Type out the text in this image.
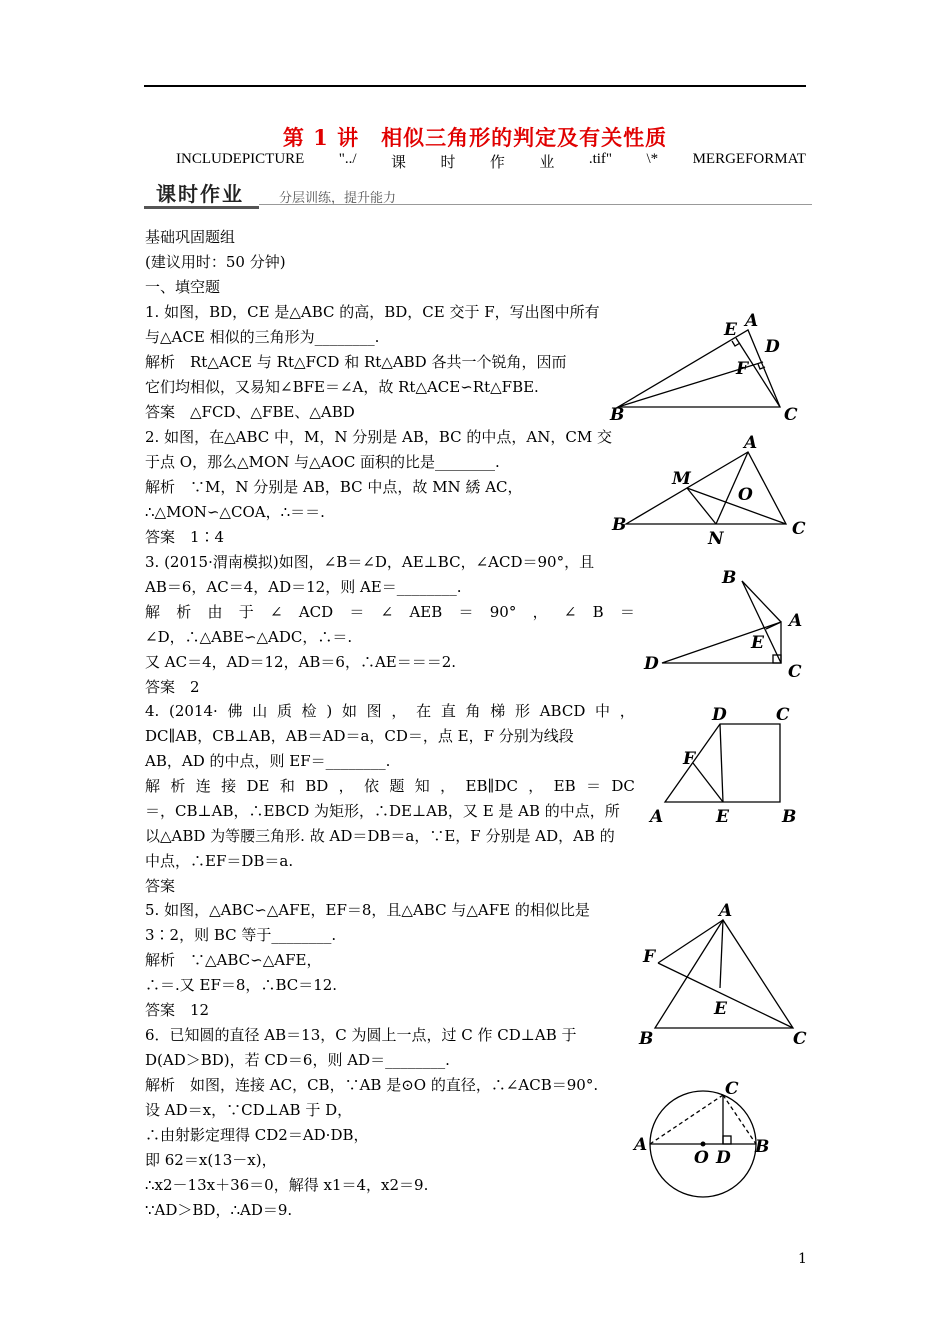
第 1 讲　相似三角形的判定及有关性质
INCLUDEPICTURE "../ 课 时 作 业 .tif" \* MERGEFORMAT
课时作业	分层训练，提升能力
基础巩固题组
(建议用时：50 分钟)
一、填空题
1. 如图，BD，CE 是△ABC 的高，BD，CE 交于 F，写出图中所有
与△ACE 相似的三角形为________.
解析　Rt△ACE 与 Rt△FCD 和 Rt△ABD 各共一个锐角，因而
它们均相似，又易知∠BFE＝∠A，故 Rt△ACE∽Rt△FBE.
答案　△FCD、△FBE、△ABD
2. 如图，在△ABC 中，M，N 分别是 AB，BC 的中点，AN，CM 交
于点 O，那么△MON 与△AOC 面积的比是________.
解析　∵M，N 分别是 AB，BC 中点，故 MN 綉 AC，
∴△MON∽△COA，∴＝＝.
答案　1∶4
3. (2015·渭南模拟)如图，∠B＝∠D，AE⊥BC，∠ACD＝90°，且
AB＝6，AC＝4，AD＝12，则 AE＝________.
解 析 由 于 ∠ ACD ＝ ∠ AEB ＝ 90° ， ∠ B ＝
∠D，∴△ABE∽△ADC，∴＝.
又 AC＝4，AD＝12，AB＝6，∴AE＝＝＝2.
答案　2
4. (2014· 佛 山 质 检 ) 如 图 ， 在 直 角 梯 形 ABCD 中 ，
DC∥AB，CB⊥AB，AB＝AD＝a，CD＝，点 E，F 分别为线段
AB，AD 的中点，则 EF＝________.
解 析 连 接 DE 和 BD ， 依 题 知 ， EB∥DC ， EB ＝ DC
＝，CB⊥AB，∴EBCD 为矩形，∴DE⊥AB，又 E 是 AB 的中点，所
以△ABD 为等腰三角形. 故 AD＝DB＝a，∵E，F 分别是 AD，AB 的
中点，∴EF＝DB＝a.
答案
5. 如图，△ABC∽△AFE，EF＝8，且△ABC 与△AFE 的相似比是
3∶2，则 BC 等于________.
解析　∵△ABC∽△AFE，
∴＝.又 EF＝8，∴BC＝12.
答案　12
6．已知圆的直径 AB＝13，C 为圆上一点，过 C 作 CD⊥AB 于
D(AD＞BD)，若 CD＝6，则 AD＝________.
解析　如图，连接 AC，CB，∵AB 是⊙O 的直径，∴∠ACB＝90°.
设 AD＝x，∵CD⊥AB 于 D，
∴由射影定理得 CD2＝AD·DB，
即 62＝x(13－x)，
∴x2－13x＋36＝0，解得 x1＝4，x2＝9.
∵AD＞BD，∴AD＝9.
E A
D
F
B	C
A
M
O
B
N	C
B
A
E
D	C
D	C
F
A	E	B
A
F
E
B	C
C
A
O D
B
1
